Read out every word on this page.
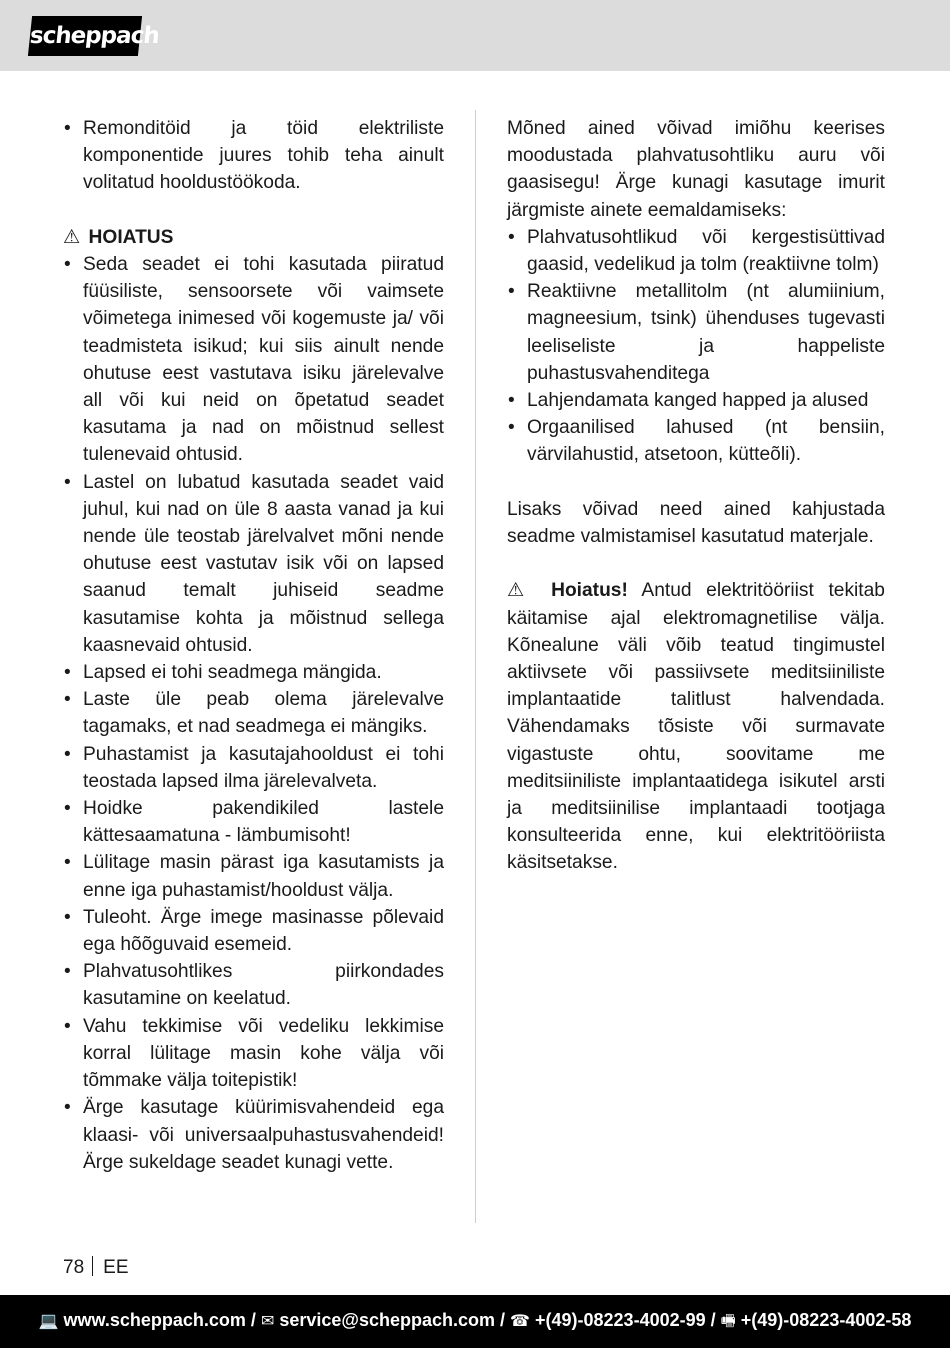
scheppach
• Remonditöid ja töid elektriliste komponentide juures tohib teha ainult volitatud hooldustöökoda.

⚠ HOIATUS

• Seda seadet ei tohi kasutada piiratud füüsiliste, sensoorsete või vaimsete võimetega inimesed või kogemuste ja/ või teadmisteta isikud; kui siis ainult nende ohutuse eest vastutava isiku järelevalve all või kui neid on õpetatud seadet kasutama ja nad on mõistnud sellest tulenevaid ohtusid.
• Lastel on lubatud kasutada seadet vaid juhul, kui nad on üle 8 aasta vanad ja kui nende üle teostab järelvalvet mõni nende ohutuse eest vastutav isik või on lapsed saanud temalt juhiseid seadme kasutamise kohta ja mõistnud sellega kaasnevaid ohtusid.
• Lapsed ei tohi seadmega mängida.
• Laste üle peab olema järelevalve tagamaks, et nad seadmega ei mängiks.
• Puhastamist ja kasutajahooldust ei tohi teostada lapsed ilma järelevalveta.
• Hoidke pakendikiled lastele kättesaamatuna - lämbumisoht!
• Lülitage masin pärast iga kasutamists ja enne iga puhastamist/hooldust välja.
• Tuleoht. Ärge imege masinasse põlevaid ega hõõguvaid esemeid.
• Plahvatusohtlikes piirkondades kasutamine on keelatud.
• Vahu tekkimise või vedeliku lekkimise korral lülitage masin kohe välja või tõmmake välja toitepistik!
• Ärge kasutage küürimisvahendeid ega klaasi- või universaalpuhastusvahendeid! Ärge sukeldage seadet kunagi vette.

Mõned ained võivad imiõhu keerises moodustada plahvatusohtliku auru või gaasisegu! Ärge kunagi kasutage imurit järgmiste ainete eemaldamiseks:

• Plahvatusohtlikud või kergestisüttivad gaasid, vedelikud ja tolm (reaktiivne tolm)
• Reaktiivne metallitolm (nt alumiinium, magneesium, tsink) ühenduses tugevasti leeliseliste ja happeliste puhastusvahenditega
• Lahjendamata kanged happed ja alused
• Orgaanilised lahused (nt bensiin, värvilahustid, atsetoon, kütteõli).

Lisaks võivad need ained kahjustada seadme valmistamisel kasutatud materjale.

⚠ Hoiatus! Antud elektritööriist tekitab käitamise ajal elektromagnetilise välja. Kõnealune väli võib teatud tingimustel aktiivsete või passiivsete meditsiiniliste implantaatide talitlust halvendada. Vähendamaks tõsiste või surmavate vigastuste ohtu, soovitame me meditsiiniliste implantaatidega isikutel arsti ja meditsiinilise implantaadi tootjaga konsulteerida enne, kui elektritööriista käsitsetakse.

78 EE
💻 www.scheppach.com / ✉ service@scheppach.com / ☎ +(49)-08223-4002-99 / 🖷 +(49)-08223-4002-58
